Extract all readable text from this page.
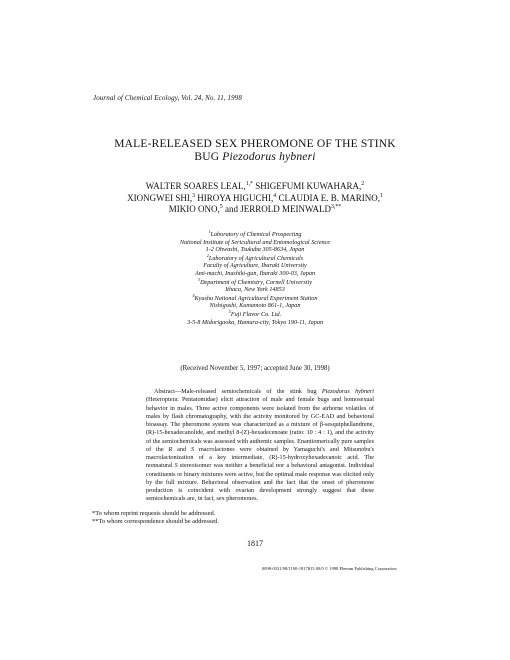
Journal of Chemical Ecology, Vol. 24, No. 11, 1998
MALE-RELEASED SEX PHEROMONE OF THE STINK
BUG Piezodorus hybneri
WALTER SOARES LEAL,$^{1,*}$ SHIGEFUMI KUWAHARA,$^2$
XIONGWEI SHI,$^3$ HIROYA HIGUCHI,$^4$ CLAUDIA E. B. MARINO,$^1$
MIKIO ONO,$^5$ and JERROLD $MEINWALD^{3,**}$
$^1$Laboratory of Chemical Prospecting
National Institute of Sericultural and Entomological Science
1-2 Ohwashi, Tsukuba 305-8634, Japan
$^2$Laboratory of Agricultural Chemicals
Faculty of Agriculture, Ibaraki University
Ami-machi, Inashiki-gun, Ibaraki 300-03, Japan
$^3$Department of Chemistry, Cornell University
Ithaca, New York 14853
$^4$Kyushu National Agricultural Experiment Station
Nishigoshi, Kumamoto 861-1, Japan
$^5$Fuji Flavor Co. Ltd.
3-5-8 Midorigaoka, Hamura-city, Tokyo 190-11, Japan
(Received November 5, 1997; accepted June 30, 1998)
Abstract—Male-released semiochemicals of the stink bug Piezodorus hybneri (Heteroptera: Pentatomidae) elicit attraction of male and female bugs and homosexual behavior in males. Three active components were isolated from the airborne volatiles of males by flash chromatography, with the activity monitored by GC-EAD and behavioral bioassay. The pheromone system was characterized as a mixture of β-sesquiphellandrene, (R)-15-hexadecanolide, and methyl 8-(Z)-hexadecenoate (ratio: 10 : 4 : 1), and the activity of the semiochemicals was assessed with authentic samples. Enantiomerically pure samples of the R and S macrolactones were obtained by Yamaguchi's and Mitsunobu's macrolactonization of a key intermediate, (R)-15-hydroxyhexadecanoic acid. The nonnatural S stereoisomer was neither a beneficial nor a behavioral antagonist. Individual constituents or binary mixtures were active, but the optimal male response was elicited only by the full mixture. Behavioral observation and the fact that the onset of pheromone production is coincident with ovarian development strongly suggest that these semiochemicals are, in fact, sex pheromones.
*To whom reprint requests should be addressed.
**To whom correspondence should be addressed.
1817
0098-0331/98/1100-1817$15.00/0 © 1998 Plenum Publishing Corporation
